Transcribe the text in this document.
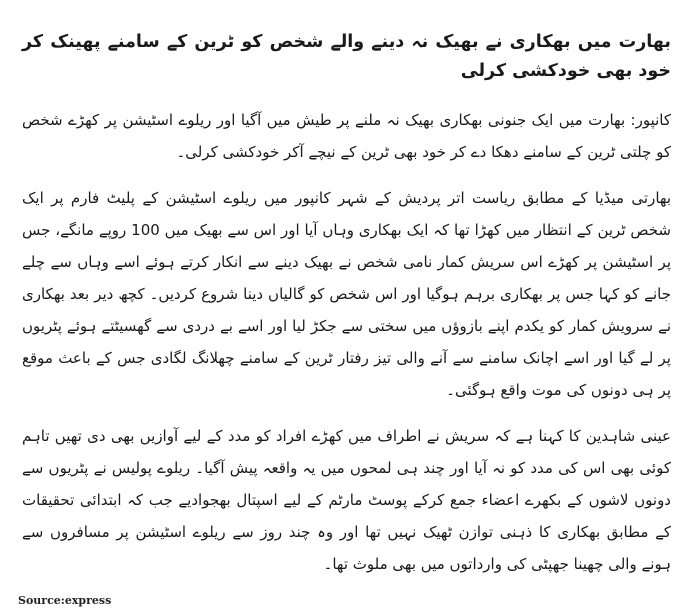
بھارت میں بھکاری نے بھیک نہ دینے والے شخص کو ٹرین کے سامنے پھینک کر خود بھی خودکشی کرلی
کانپور: بھارت میں ایک جنونی بھکاری بھیک نہ ملنے پر طیش میں آگیا اور ریلوے اسٹیشن پر کھڑے شخص کو چلتی ٹرین کے سامنے دھکا دے کر خود بھی ٹرین کے نیچے آکر خودکشی کرلی۔
بھارتی میڈیا کے مطابق ریاست اتر پردیش کے شہر کانپور میں ریلوے اسٹیشن کے پلیٹ فارم پر ایک شخص ٹرین کے انتظار میں کھڑا تھا کہ ایک بھکاری وہاں آیا اور اس سے بھیک میں 100 روپے مانگے، جس پر اسٹیشن پر کھڑے اس سریش کمار نامی شخص نے بھیک دینے سے انکار کرتے ہوئے اسے وہاں سے چلے جانے کو کہا جس پر بھکاری برہم ہوگیا اور اس شخص کو گالیاں دینا شروع کردیں۔ کچھ دیر بعد بھکاری نے سرویش کمار کو یکدم اپنے بازوؤں میں سختی سے جکڑ لیا اور اسے بے دردی سے گھسیٹتے ہوئے پٹریوں پر لے گیا اور اسے اچانک سامنے سے آنے والی تیز رفتار ٹرین کے سامنے چھلانگ لگادی جس کے باعث موقع پر ہی دونوں کی موت واقع ہوگئی۔
عینی شاہدین کا کہنا ہے کہ سریش نے اطراف میں کھڑے افراد کو مدد کے لیے آوازیں بھی دی تھیں تاہم کوئی بھی اس کی مدد کو نہ آیا اور چند ہی لمحوں میں یہ واقعہ پیش آگیا۔ ریلوے پولیس نے پٹریوں سے دونوں لاشوں کے بکھرے اعضاء جمع کرکے پوسٹ مارٹم کے لیے اسپتال بھجوادیے جب کہ ابتدائی تحقیقات کے مطابق بھکاری کا ذہنی توازن ٹھیک نہیں تھا اور وہ چند روز سے ریلوے اسٹیشن پر مسافروں سے ہونے والی چھینا جھپٹی کی وارداتوں میں بھی ملوث تھا۔
Source:express
